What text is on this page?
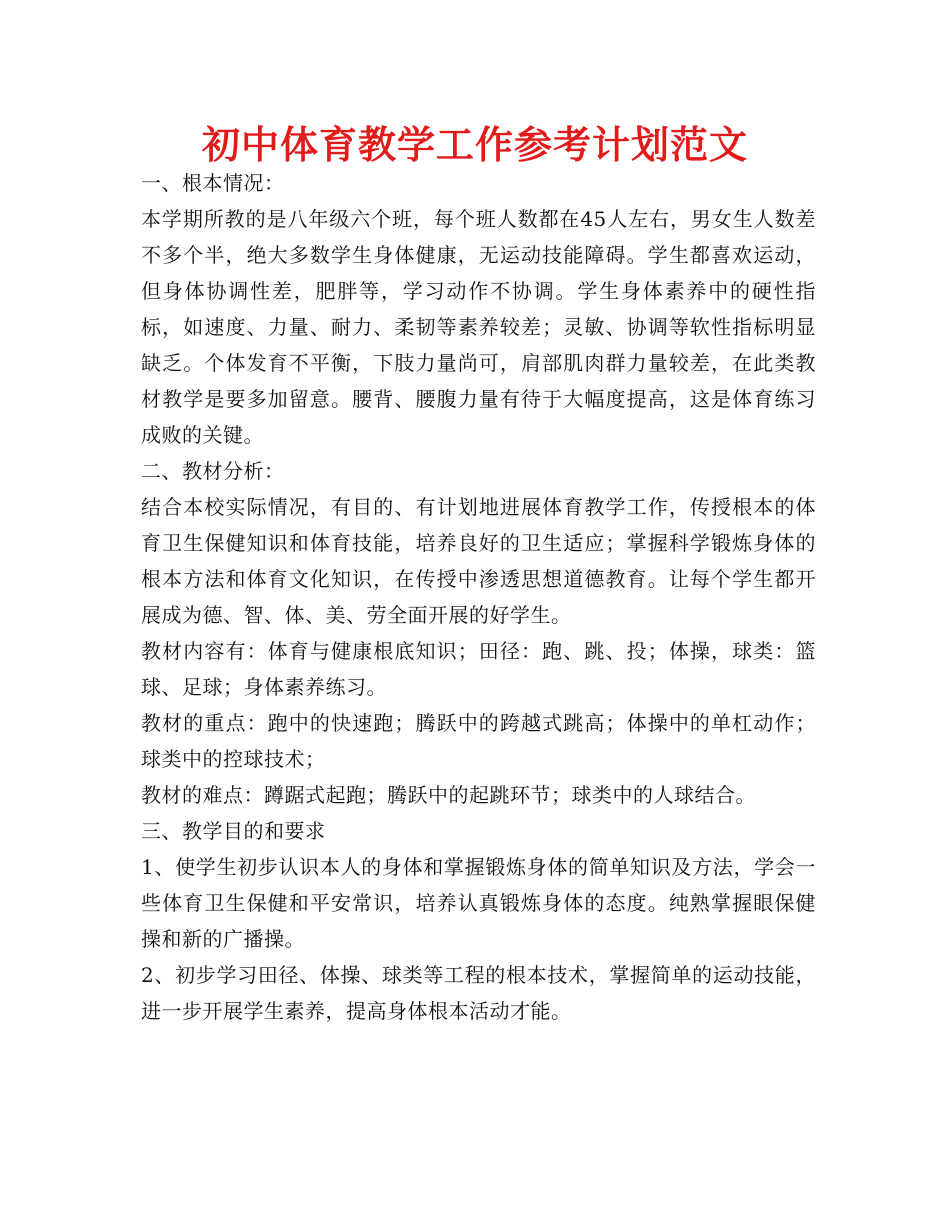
初中体育教学工作参考计划范文

一、根本情况：

本学期所教的是八年级六个班，每个班人数都在45人左右，男女生人数差不多个半，绝大多数学生身体健康，无运动技能障碍。学生都喜欢运动，但身体协调性差，肥胖等，学习动作不协调。学生身体素养中的硬性指标，如速度、力量、耐力、柔韧等素养较差；灵敏、协调等软性指标明显缺乏。个体发育不平衡，下肢力量尚可，肩部肌肉群力量较差，在此类教材教学是要多加留意。腰背、腰腹力量有待于大幅度提高，这是体育练习成败的关键。

二、教材分析：

结合本校实际情况，有目的、有计划地进展体育教学工作，传授根本的体育卫生保健知识和体育技能，培养良好的卫生适应；掌握科学锻炼身体的根本方法和体育文化知识，在传授中渗透思想道德教育。让每个学生都开展成为德、智、体、美、劳全面开展的好学生。

教材内容有：体育与健康根底知识；田径：跑、跳、投；体操，球类：篮球、足球；身体素养练习。

教材的重点：跑中的快速跑；腾跃中的跨越式跳高；体操中的单杠动作；球类中的控球技术；

教材的难点：蹲踞式起跑；腾跃中的起跳环节；球类中的人球结合。

三、教学目的和要求

1、使学生初步认识本人的身体和掌握锻炼身体的简单知识及方法，学会一些体育卫生保健和平安常识，培养认真锻炼身体的态度。纯熟掌握眼保健操和新的广播操。

2、初步学习田径、体操、球类等工程的根本技术，掌握简单的运动技能，进一步开展学生素养，提高身体根本活动才能。
